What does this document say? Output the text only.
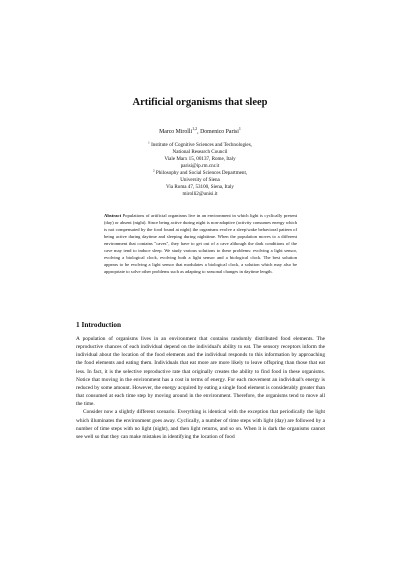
Artificial organisms that sleep
Marco Mirolli$^{1,2}$, Domenico Parisi$^1$
$^1$ Institute of Cognitive Sciences and Technologies,
National Research Council
Viale Marx 15, 00137, Rome, Italy
parisi@ip.rm.cnr.it
$^2$ Philosophy and Social Sciences Department,
University of Siena
Via Roma 47, 53100, Siena, Italy
mirolli2@unisi.it

Abstract Populations of artificial organisms live in an environment in which light is cyclically present (day) or absent (night). Since being active during night is non-adaptive (activity consumes energy which is not compensated by the food found at night) the organisms evolve a sleep/wake behavioral pattern of being active during daytime and sleeping during nighttime. When the population moves to a different environment that contains "caves", they have to get out of a cave although the dark conditions of the cave may tend to induce sleep. We study various solutions to these problems: evolving a light sensor, evolving a biological clock, evolving both a light sensor and a biological clock. The best solution appears to be evolving a light sensor that modulates a biological clock, a solution which may also be appropriate to solve other problems such as adapting to seasonal changes in daytime length.

1 Introduction

A population of organisms lives in an environment that contains randomly distributed food elements. The reproductive chances of each individual depend on the individual's ability to eat. The sensory receptors inform the individual about the location of the food elements and the individual responds to this information by approaching the food elements and eating them. Individuals that eat more are more likely to leave offspring than those that eat less. In fact, it is the selective reproductive rate that originally creates the ability to find food in these organisms. Notice that moving in the environment has a cost in terms of energy. For each movement an individual's energy is reduced by some amount. However, the energy acquired by eating a single food element is considerably greater than that consumed at each time step by moving around in the environment. Therefore, the organisms tend to move all the time.

Consider now a slightly different scenario. Everything is identical with the exception that periodically the light which illuminates the environment goes away. Cyclically, a number of time steps with light (day) are followed by a number of time steps with no light (night), and then light returns, and so on. When it is dark the organisms cannot see well so that they can make mistakes in identifying the location of food
